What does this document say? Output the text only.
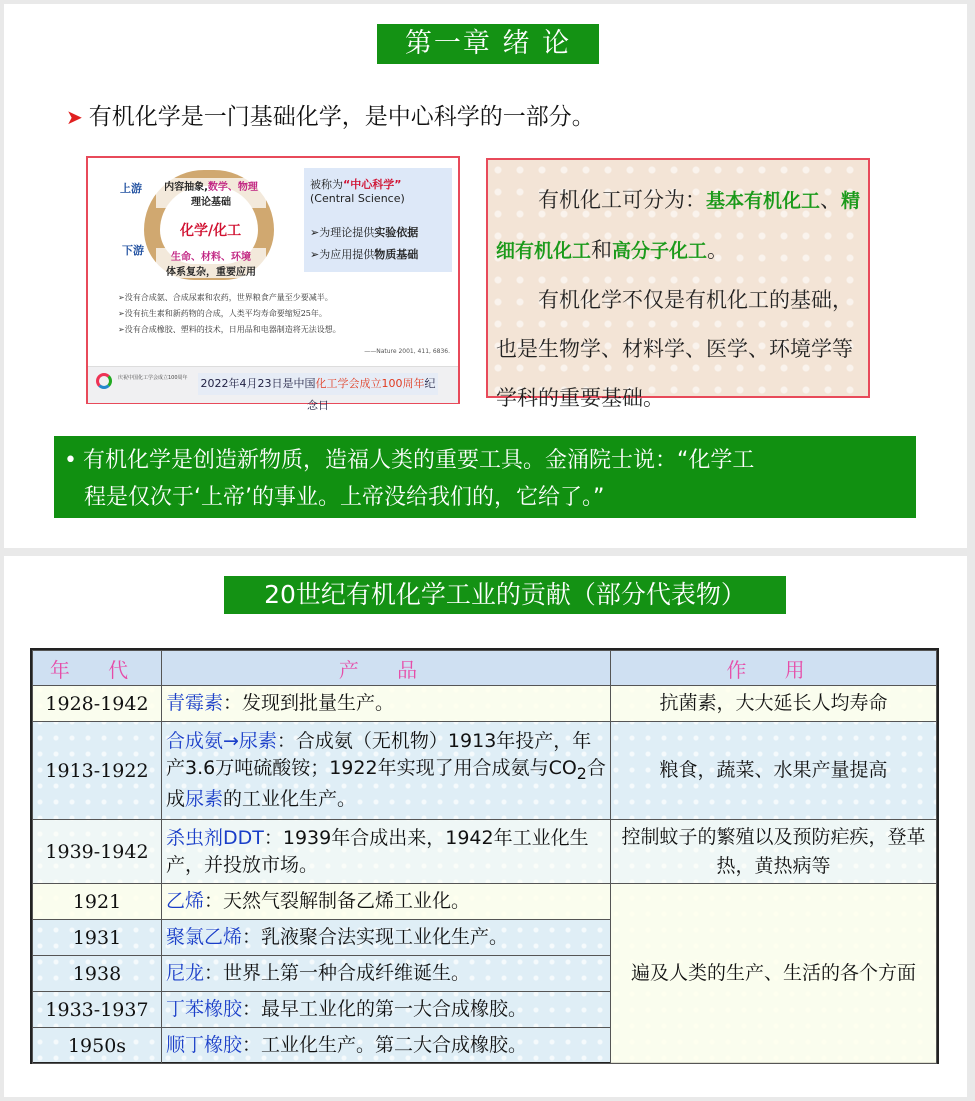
第一章 绪 论
➤ 有机化学是一门基础化学，是中心科学的一部分。
上游
下游
内容抽象,数学、物理
理论基础
化学/化工
生命、材料、环境
体系复杂，重要应用
被称为“中心科学”
(Central Science)
➢为理论提供实验依据
➢为应用提供物质基础
➢没有合成氨、合成尿素和农药，世界粮食产量至少要减半。
➢没有抗生素和新药物的合成，人类平均寿命要缩短25年。
➢没有合成橡胶、塑料的技术，日用品和电器制造将无法设想。
——Nature 2001, 411, 6836.
庆祝中国化工学会成立100周年	2022年4月23日是中国化工学会成立100周年纪念日
有机化工可分为：基本有机化工、精细有机化工和高分子化工。
有机化学不仅是有机化工的基础，也是生物学、材料学、医学、环境学等学科的重要基础。
• 有机化学是创造新物质，造福人类的重要工具。金涌院士说：“化学工
程是仅次于‘上帝’的事业。上帝没给我们的，它给了。”
20世纪有机化学工业的贡献（部分代表物）
年 代	产 品	作 用
1928-1942	青霉素：发现到批量生产。	抗菌素，大大延长人均寿命
1913-1922	合成氨→尿素：合成氨（无机物）1913年投产，年产3.6万吨硫酸铵；1922年实现了用合成氨与$CO_2$合成尿素的工业化生产。	粮食，蔬菜、水果产量提高
1939-1942	杀虫剂DDT：1939年合成出来，1942年工业化生产，并投放市场。	控制蚊子的繁殖以及预防疟疾，登革热，黄热病等
1921	乙烯：天然气裂解制备乙烯工业化。	遍及人类的生产、生活的各个方面
1931	聚氯乙烯：乳液聚合法实现工业化生产。	
1938	尼龙：世界上第一种合成纤维诞生。	
1933-1937	丁苯橡胶：最早工业化的第一大合成橡胶。	
1950s	顺丁橡胶：工业化生产。第二大合成橡胶。	
